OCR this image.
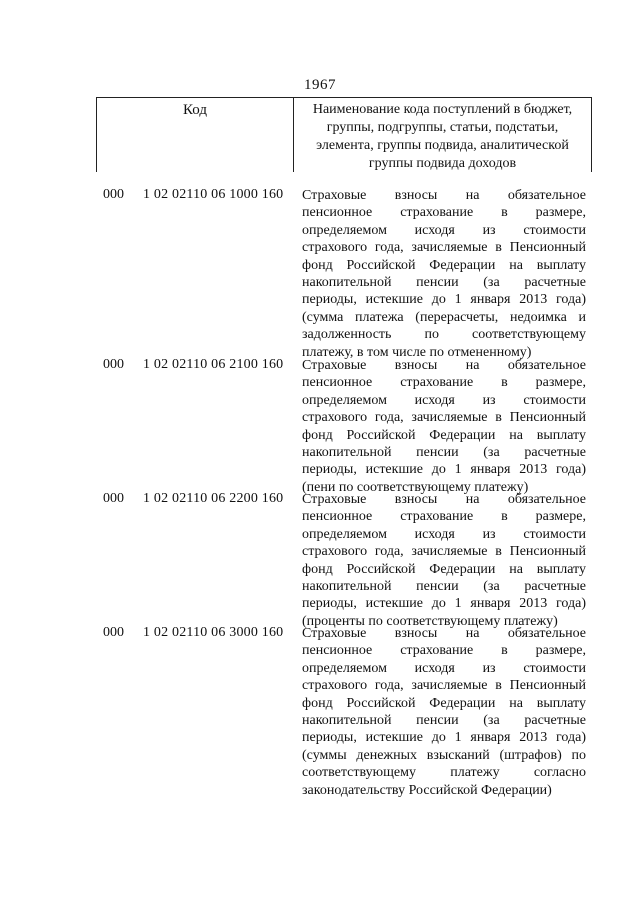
1967
Код	Наименование кода поступлений в бюджет, группы, подгруппы, статьи, подстатьи, элемента, группы подвида, аналитической группы подвида доходов
000 1 02 02110 06 1000 160 Страховые взносы на обязательное
пенсионное страхование в размере,
определяемом исходя из стоимости
страхового года, зачисляемые в Пенсионный
фонд Российской Федерации на выплату
накопительной пенсии (за расчетные
периоды, истекшие до 1 января 2013 года)
(сумма платежа (перерасчеты, недоимка и
задолженность по соответствующему
платежу, в том числе по отмененному)
000 1 02 02110 06 2100 160 Страховые взносы на обязательное
пенсионное страхование в размере,
определяемом исходя из стоимости
страхового года, зачисляемые в Пенсионный
фонд Российской Федерации на выплату
накопительной пенсии (за расчетные
периоды, истекшие до 1 января 2013 года)
(пени по соответствующему платежу)
000 1 02 02110 06 2200 160 Страховые взносы на обязательное
пенсионное страхование в размере,
определяемом исходя из стоимости
страхового года, зачисляемые в Пенсионный
фонд Российской Федерации на выплату
накопительной пенсии (за расчетные
периоды, истекшие до 1 января 2013 года)
(проценты по соответствующему платежу)
000 1 02 02110 06 3000 160 Страховые взносы на обязательное
пенсионное страхование в размере,
определяемом исходя из стоимости
страхового года, зачисляемые в Пенсионный
фонд Российской Федерации на выплату
накопительной пенсии (за расчетные
периоды, истекшие до 1 января 2013 года)
(суммы денежных взысканий (штрафов) по
соответствующему платежу согласно
законодательству Российской Федерации)
